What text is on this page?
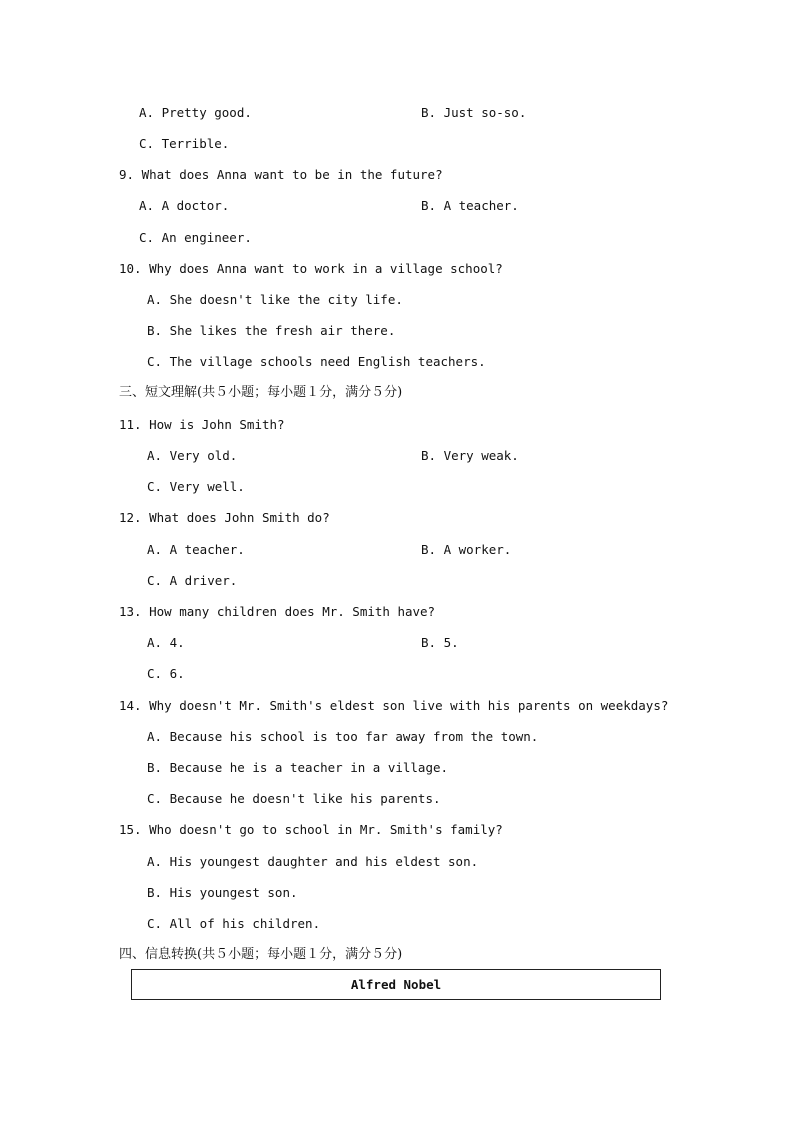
A. Pretty good.	B. Just so-so.
C. Terrible.
9. What does Anna want to be in the future?
A. A doctor.	B. A teacher.
C. An engineer.
10. Why does Anna want to work in a village school?
A. She doesn't like the city life.
B. She likes the fresh air there.
C. The village schools need English teachers.
三、短文理解(共５小题；每小题１分，满分５分)
11. How is John Smith?
A. Very old.	B. Very weak.
C. Very well.
12. What does John Smith do?
A. A teacher.	B. A worker.
C. A driver.
13. How many children does Mr. Smith have?
A. 4.	B. 5.
C. 6.
14. Why doesn't Mr. Smith's eldest son live with his parents on weekdays?
A. Because his school is too far away from the town.
B. Because he is a teacher in a village.
C. Because he doesn't like his parents.
15. Who doesn't go to school in Mr. Smith's family?
A. His youngest daughter and his eldest son.
B. His youngest son.
C. All of his children.
四、信息转换(共５小题；每小题１分，满分５分)
Alfred Nobel
